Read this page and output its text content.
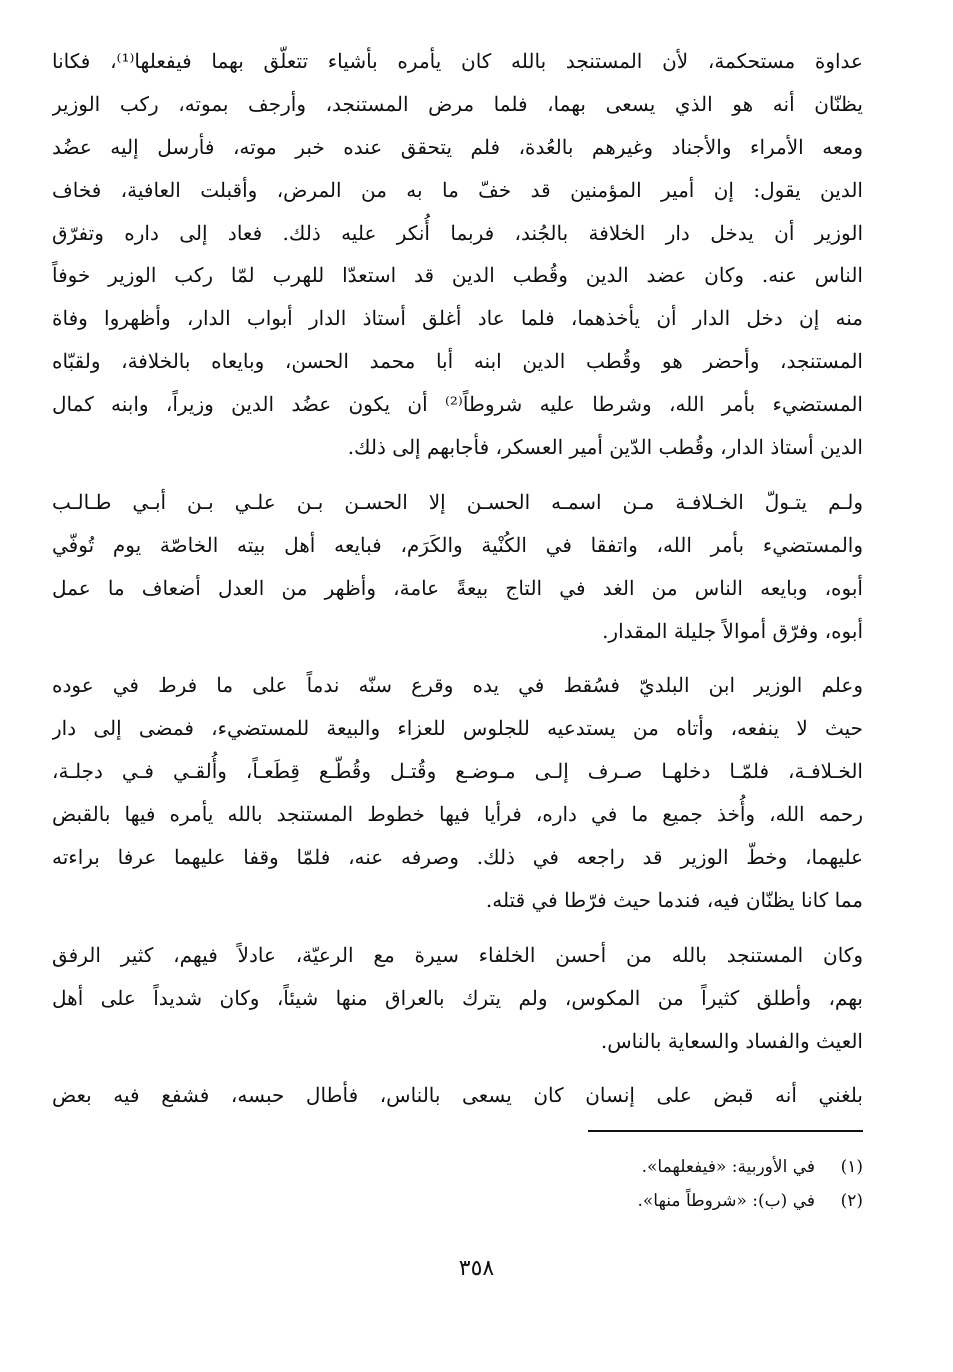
عداوة مستحكمة، لأن المستنجد بالله كان يأمره بأشياء تتعلّق بهما فيفعلها⁽¹⁾، فكانا
يظنّان أنه هو الذي يسعى بهما، فلما مرض المستنجد، وأرجف بموته، ركب الوزير
ومعه الأمراء والأجناد وغيرهم بالعُدة، فلم يتحقق عنده خبر موته، فأرسل إليه عضُد
الدين يقول: إن أمير المؤمنين قد خفّ ما به من المرض، وأقبلت العافية، فخاف
الوزير أن يدخل دار الخلافة بالجُند، فربما أُنكر عليه ذلك. فعاد إلى داره وتفرّق
الناس عنه. وكان عضد الدين وقُطب الدين قد استعدّا للهرب لمّا ركب الوزير خوفاً
منه إن دخل الدار أن يأخذهما، فلما عاد أغلق أستاذ الدار أبواب الدار، وأظهروا وفاة
المستنجد، وأحضر هو وقُطب الدين ابنه أبا محمد الحسن، وبايعاه بالخلافة، ولقبّاه
المستضيء بأمر الله، وشرطا عليه شروطاً⁽²⁾ أن يكون عضُد الدين وزيراً، وابنه كمال
الدين أستاذ الدار، وقُطب الدّين أمير العسكر، فأجابهم إلى ذلك.
ولـم يتـولّ الخـلافـة مـن اسمـه الحسـن إلا الحسـن بـن علـي بـن أبـي طـالـب
والمستضيء بأمر الله، واتفقا في الكُنْية والكَرَم، فبايعه أهل بيته الخاصّة يوم تُوفّي
أبوه، وبايعه الناس من الغد في التاج بيعةً عامة، وأظهر من العدل أضعاف ما عمل
أبوه، وفرّق أموالاً جليلة المقدار.
وعلم الوزير ابن البلديّ فسُقط في يده وقرع سنّه ندماً على ما فرط في عوده
حيث لا ينفعه، وأتاه من يستدعيه للجلوس للعزاء والبيعة للمستضيء، فمضى إلى دار
الخـلافـة، فلمّـا دخلهـا صـرف إلـى مـوضـع وقُتـل وقُطّـع قِطَعـاً، وأُلقـي فـي دجلـة،
رحمه الله، وأُخذ جميع ما في داره، فرأيا فيها خطوط المستنجد بالله يأمره فيها بالقبض
عليهما، وخطّ الوزير قد راجعه في ذلك. وصرفه عنه، فلمّا وقفا عليهما عرفا براءته
مما كانا يظنّان فيه، فندما حيث فرّطا في قتله.
وكان المستنجد بالله من أحسن الخلفاء سيرة مع الرعيّة، عادلاً فيهم، كثير الرفق
بهم، وأطلق كثيراً من المكوس، ولم يترك بالعراق منها شيئاً، وكان شديداً على أهل
العيث والفساد والسعاية بالناس.
بلغني أنه قبض على إنسان كان يسعى بالناس، فأطال حبسه، فشفع فيه بعض
(١)
في الأوربية: «فيفعلهما».
(٢)
في (ب): «شروطاً منها».
٣٥٨
